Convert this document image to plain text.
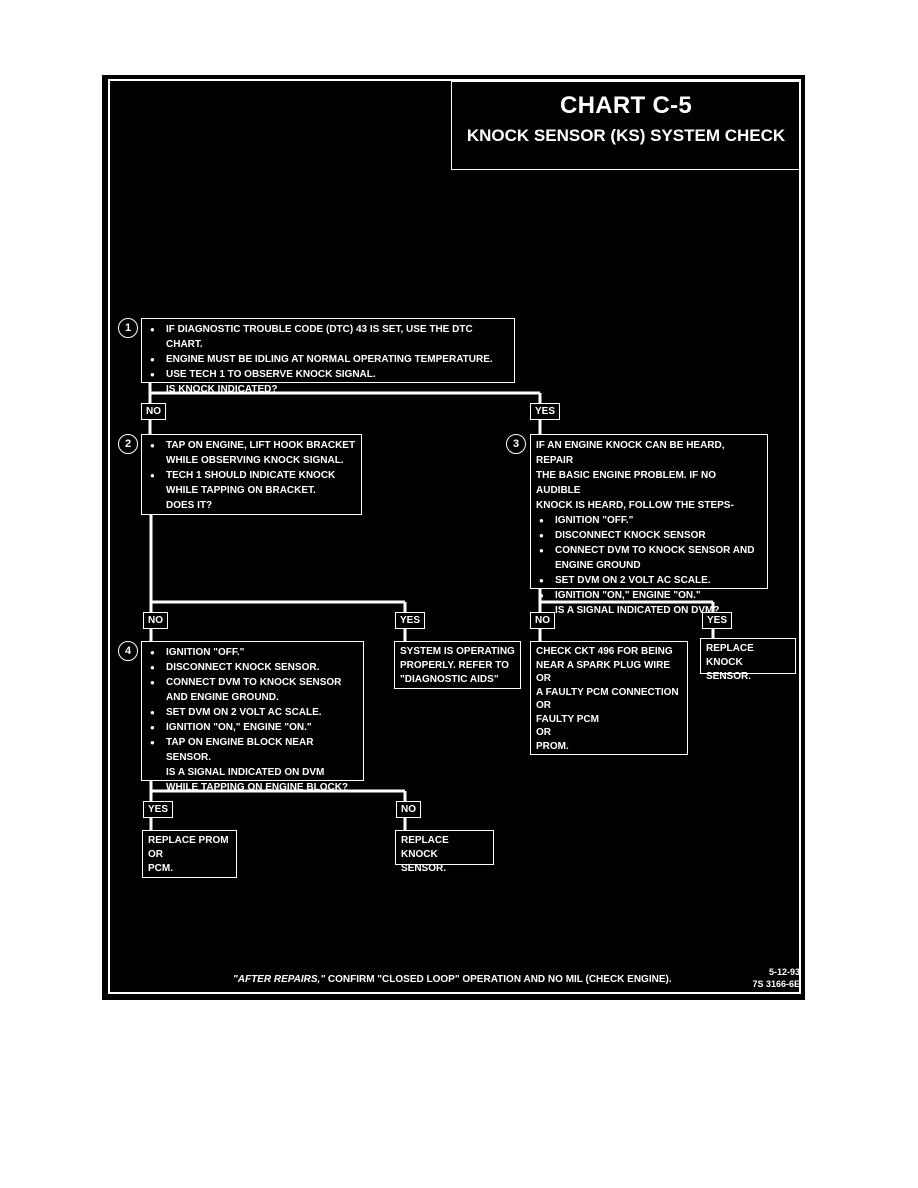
CHART C-5
KNOCK SENSOR (KS) SYSTEM CHECK
1	● IF DIAGNOSTIC TROUBLE CODE (DTC) 43 IS SET, USE THE DTC CHART.
● ENGINE MUST BE IDLING AT NORMAL OPERATING TEMPERATURE.
● USE TECH 1 TO OBSERVE KNOCK SIGNAL.
IS KNOCK INDICATED?
NO	YES
2	● TAP ON ENGINE, LIFT HOOK BRACKET
WHILE OBSERVING KNOCK SIGNAL.
● TECH 1 SHOULD INDICATE KNOCK
WHILE TAPPING ON BRACKET.
DOES IT?
3	IF AN ENGINE KNOCK CAN BE HEARD, REPAIR
THE BASIC ENGINE PROBLEM. IF NO AUDIBLE
KNOCK IS HEARD, FOLLOW THE STEPS-
● IGNITION "OFF."
● DISCONNECT KNOCK SENSOR
● CONNECT DVM TO KNOCK SENSOR AND
ENGINE GROUND
● SET DVM ON 2 VOLT AC SCALE.
● IGNITION "ON," ENGINE "ON."
IS A SIGNAL INDICATED ON DVM?
NO	YES	NO	YES
4	● IGNITION "OFF."
● DISCONNECT KNOCK SENSOR.
● CONNECT DVM TO KNOCK SENSOR
AND ENGINE GROUND.
● SET DVM ON 2 VOLT AC SCALE.
● IGNITION "ON," ENGINE "ON."
● TAP ON ENGINE BLOCK NEAR SENSOR.
IS A SIGNAL INDICATED ON DVM
WHILE TAPPING ON ENGINE BLOCK?
SYSTEM IS OPERATING
PROPERLY. REFER TO
"DIAGNOSTIC AIDS"
CHECK CKT 496 FOR BEING
NEAR A SPARK PLUG WIRE
OR
A FAULTY PCM CONNECTION
OR
FAULTY PCM
OR
PROM.
REPLACE KNOCK
SENSOR.
YES	NO
REPLACE PROM
OR
PCM.
REPLACE KNOCK
SENSOR.
"AFTER REPAIRS," CONFIRM "CLOSED LOOP" OPERATION AND NO MIL (CHECK ENGINE).
5-12-93
7S 3166-6E
